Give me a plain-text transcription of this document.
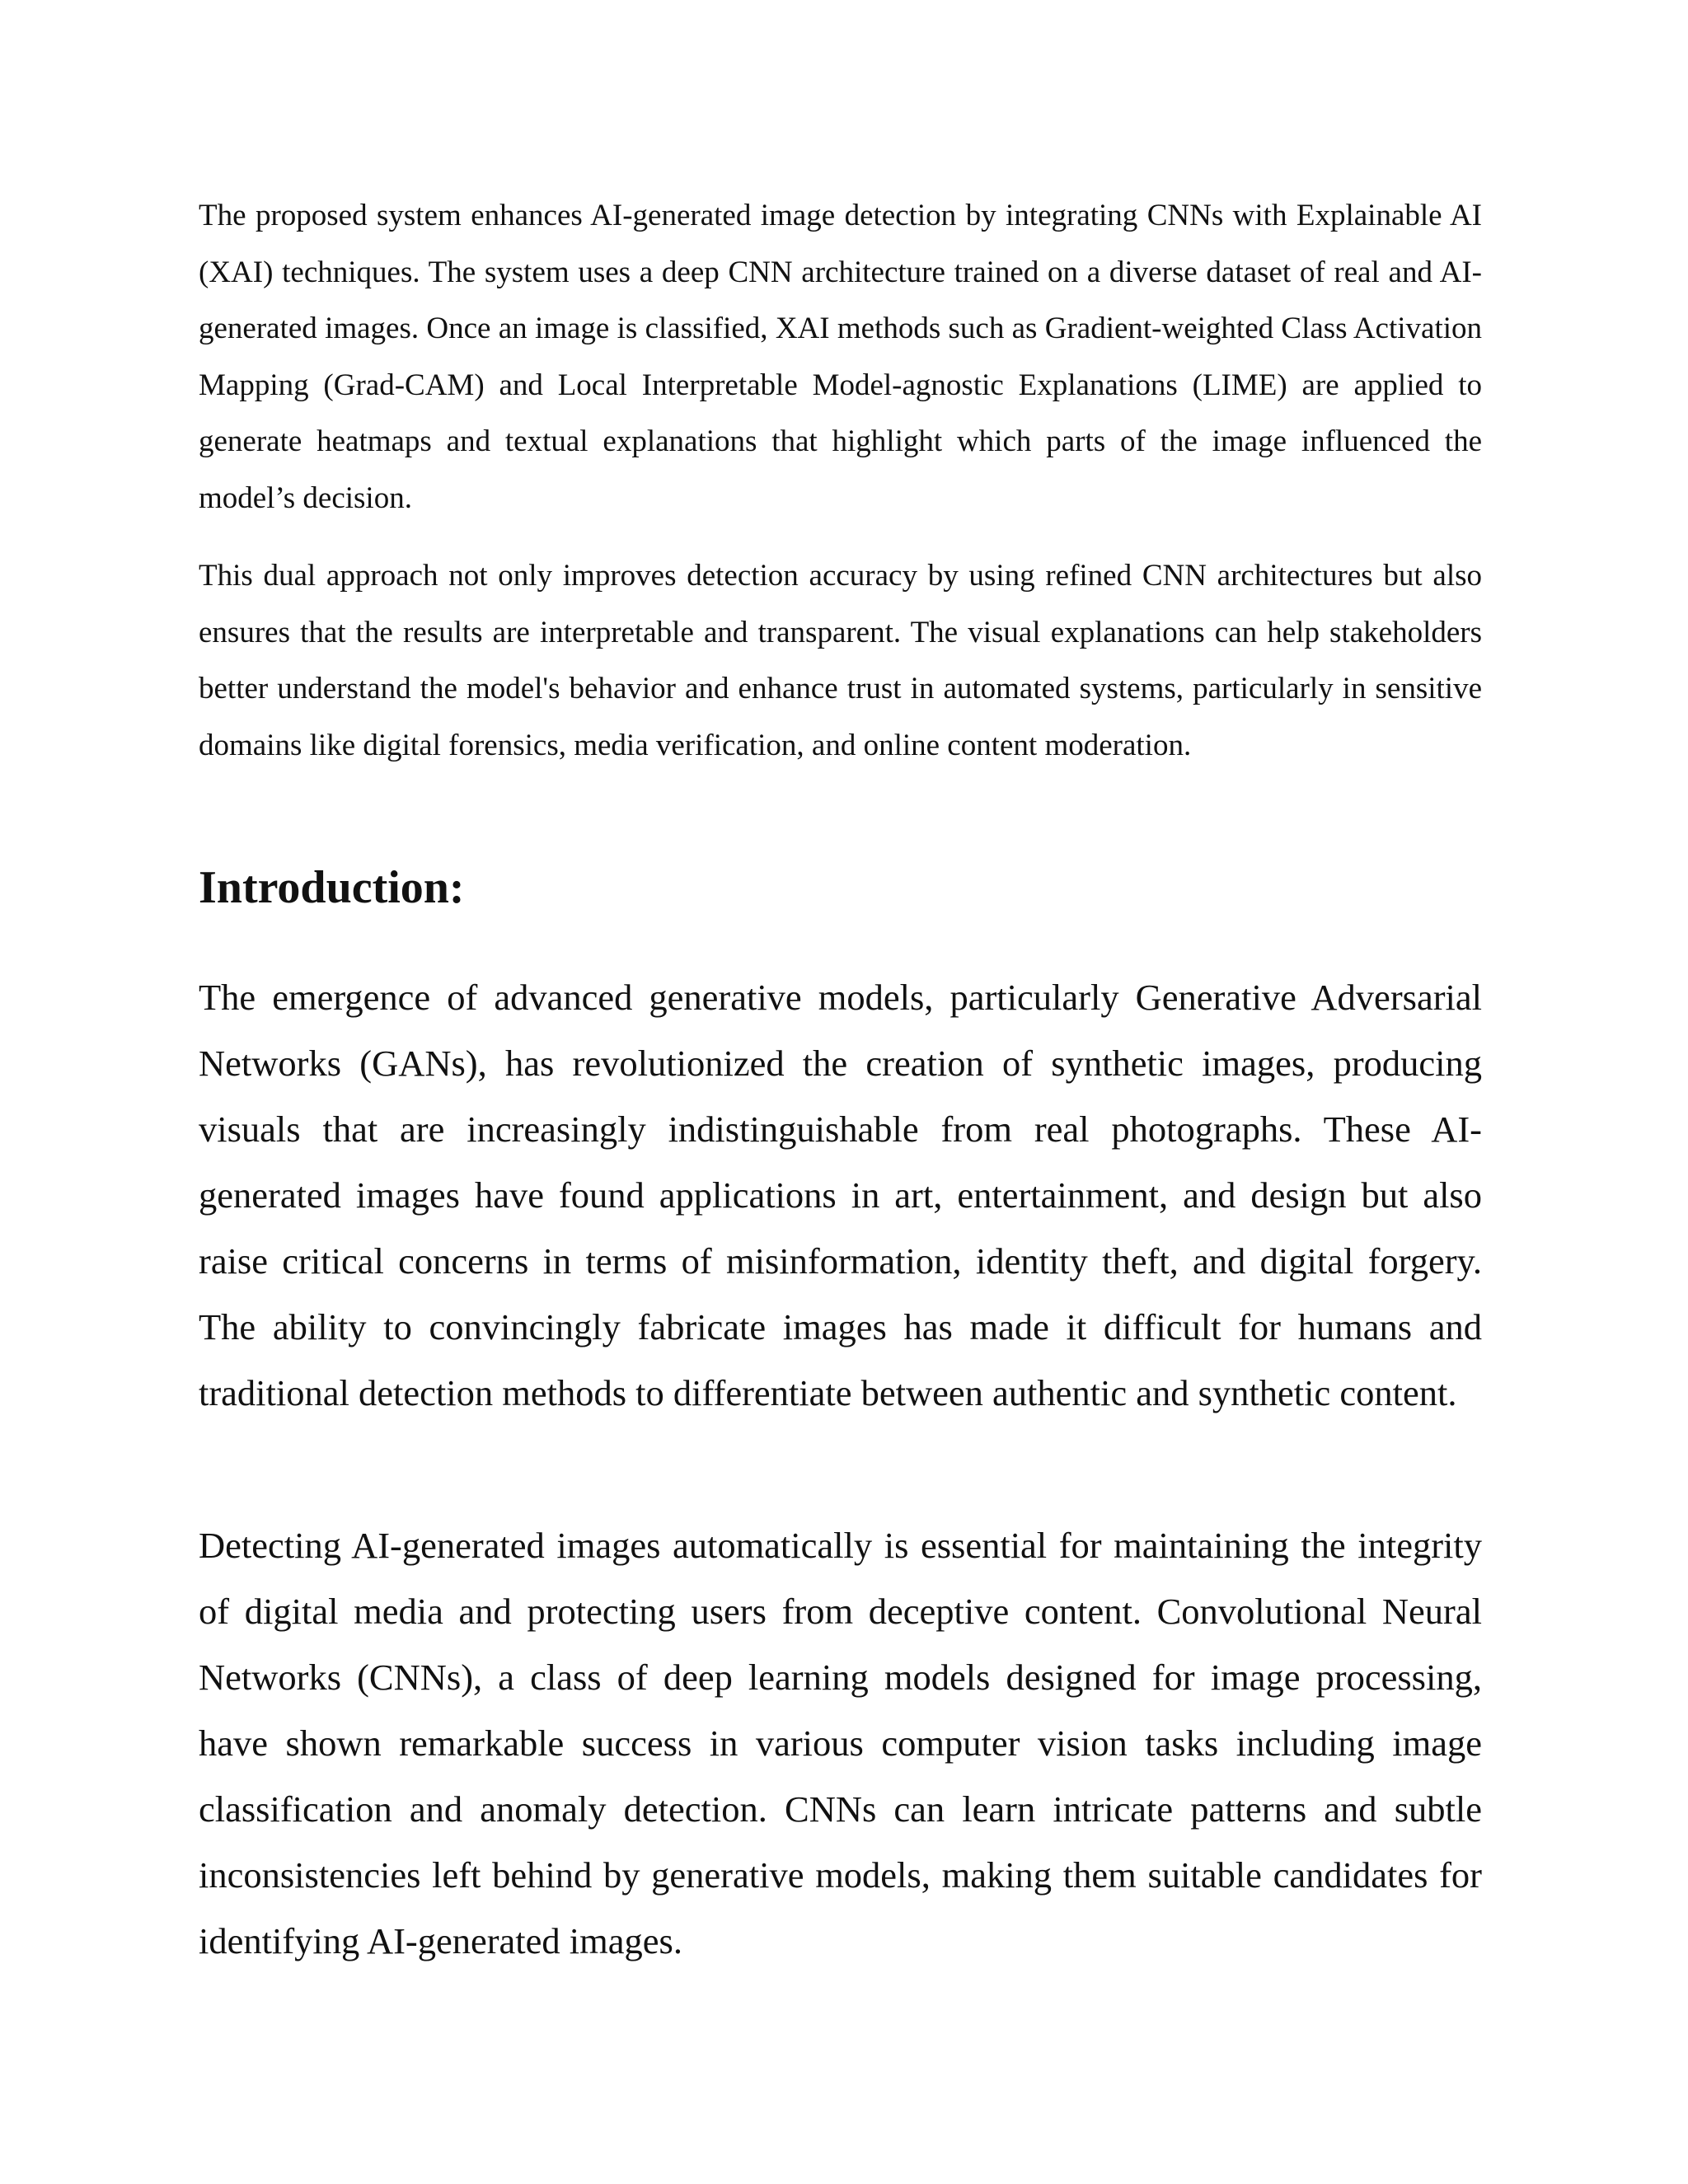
The proposed system enhances AI-generated image detection by integrating CNNs with Explainable AI (XAI) techniques. The system uses a deep CNN architecture trained on a diverse dataset of real and AI-generated images. Once an image is classified, XAI methods such as Gradient-weighted Class Activation Mapping (Grad-CAM) and Local Interpretable Model-agnostic Explanations (LIME) are applied to generate heatmaps and textual explanations that highlight which parts of the image influenced the model’s decision.

This dual approach not only improves detection accuracy by using refined CNN architectures but also ensures that the results are interpretable and transparent. The visual explanations can help stakeholders better understand the model's behavior and enhance trust in automated systems, particularly in sensitive domains like digital forensics, media verification, and online content moderation.

Introduction:

The emergence of advanced generative models, particularly Generative Adversarial Networks (GANs), has revolutionized the creation of synthetic images, producing visuals that are increasingly indistinguishable from real photographs. These AI-generated images have found applications in art, entertainment, and design but also raise critical concerns in terms of misinformation, identity theft, and digital forgery. The ability to convincingly fabricate images has made it difficult for humans and traditional detection methods to differentiate between authentic and synthetic content.

Detecting AI-generated images automatically is essential for maintaining the integrity of digital media and protecting users from deceptive content. Convolutional Neural Networks (CNNs), a class of deep learning models designed for image processing, have shown remarkable success in various computer vision tasks including image classification and anomaly detection. CNNs can learn intricate patterns and subtle inconsistencies left behind by generative models, making them suitable candidates for identifying AI-generated images.
